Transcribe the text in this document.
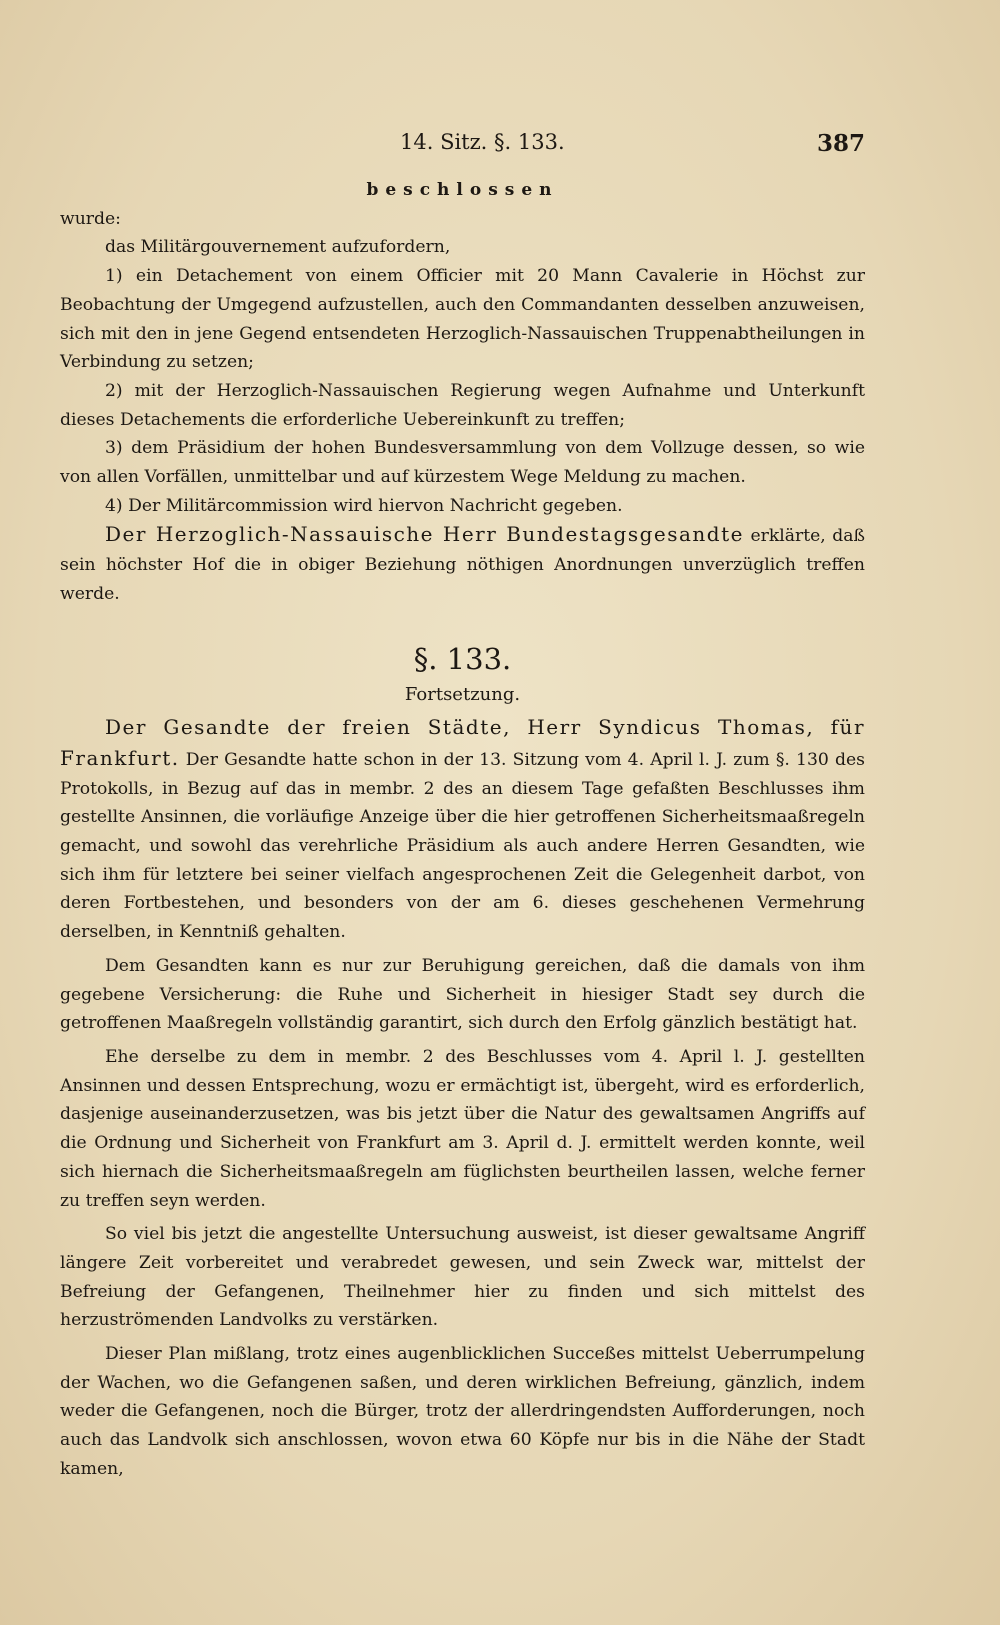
14. Sitz. §. 133.	387

beschlossen

wurde:

das Militärgouvernement aufzufordern,

1) ein Detachement von einem Officier mit 20 Mann Cavalerie in Höchst zur Beobachtung der Umgegend aufzustellen, auch den Commandanten desselben anzuweisen, sich mit den in jene Gegend entsendeten Herzoglich-Nassauischen Truppenabtheilungen in Verbindung zu setzen;

2) mit der Herzoglich-Nassauischen Regierung wegen Aufnahme und Unterkunft dieses Detachements die erforderliche Uebereinkunft zu treffen;

3) dem Präsidium der hohen Bundesversammlung von dem Vollzuge dessen, so wie von allen Vorfällen, unmittelbar und auf kürzestem Wege Meldung zu machen.

4) Der Militärcommission wird hiervon Nachricht gegeben.

Der Herzoglich-Nassauische Herr Bundestagsgesandte erklärte, daß sein höchster Hof die in obiger Beziehung nöthigen Anordnungen unverzüglich treffen werde.

§. 133.

Fortsetzung.

Der Gesandte der freien Städte, Herr Syndicus Thomas, für Frankfurt. Der Gesandte hatte schon in der 13. Sitzung vom 4. April l. J. zum §. 130 des Protokolls, in Bezug auf das in membr. 2 des an diesem Tage gefaßten Beschlusses ihm gestellte Ansinnen, die vorläufige Anzeige über die hier getroffenen Sicherheitsmaaßregeln gemacht, und sowohl das verehrliche Präsidium als auch andere Herren Gesandten, wie sich ihm für letztere bei seiner vielfach angesprochenen Zeit die Gelegenheit darbot, von deren Fortbestehen, und besonders von der am 6. dieses geschehenen Vermehrung derselben, in Kenntniß gehalten.

Dem Gesandten kann es nur zur Beruhigung gereichen, daß die damals von ihm gegebene Versicherung: die Ruhe und Sicherheit in hiesiger Stadt sey durch die getroffenen Maaßregeln vollständig garantirt, sich durch den Erfolg gänzlich bestätigt hat.

Ehe derselbe zu dem in membr. 2 des Beschlusses vom 4. April l. J. gestellten Ansinnen und dessen Entsprechung, wozu er ermächtigt ist, übergeht, wird es erforderlich, dasjenige auseinanderzusetzen, was bis jetzt über die Natur des gewaltsamen Angriffs auf die Ordnung und Sicherheit von Frankfurt am 3. April d. J. ermittelt werden konnte, weil sich hiernach die Sicherheitsmaaßregeln am füglichsten beurtheilen lassen, welche ferner zu treffen seyn werden.

So viel bis jetzt die angestellte Untersuchung ausweist, ist dieser gewaltsame Angriff längere Zeit vorbereitet und verabredet gewesen, und sein Zweck war, mittelst der Befreiung der Gefangenen, Theilnehmer hier zu finden und sich mittelst des herzuströmenden Landvolks zu verstärken.

Dieser Plan mißlang, trotz eines augenblicklichen Succeßes mittelst Ueberrumpelung der Wachen, wo die Gefangenen saßen, und deren wirklichen Befreiung, gänzlich, indem weder die Gefangenen, noch die Bürger, trotz der allerdringendsten Aufforderungen, noch auch das Landvolk sich anschlossen, wovon etwa 60 Köpfe nur bis in die Nähe der Stadt kamen,
